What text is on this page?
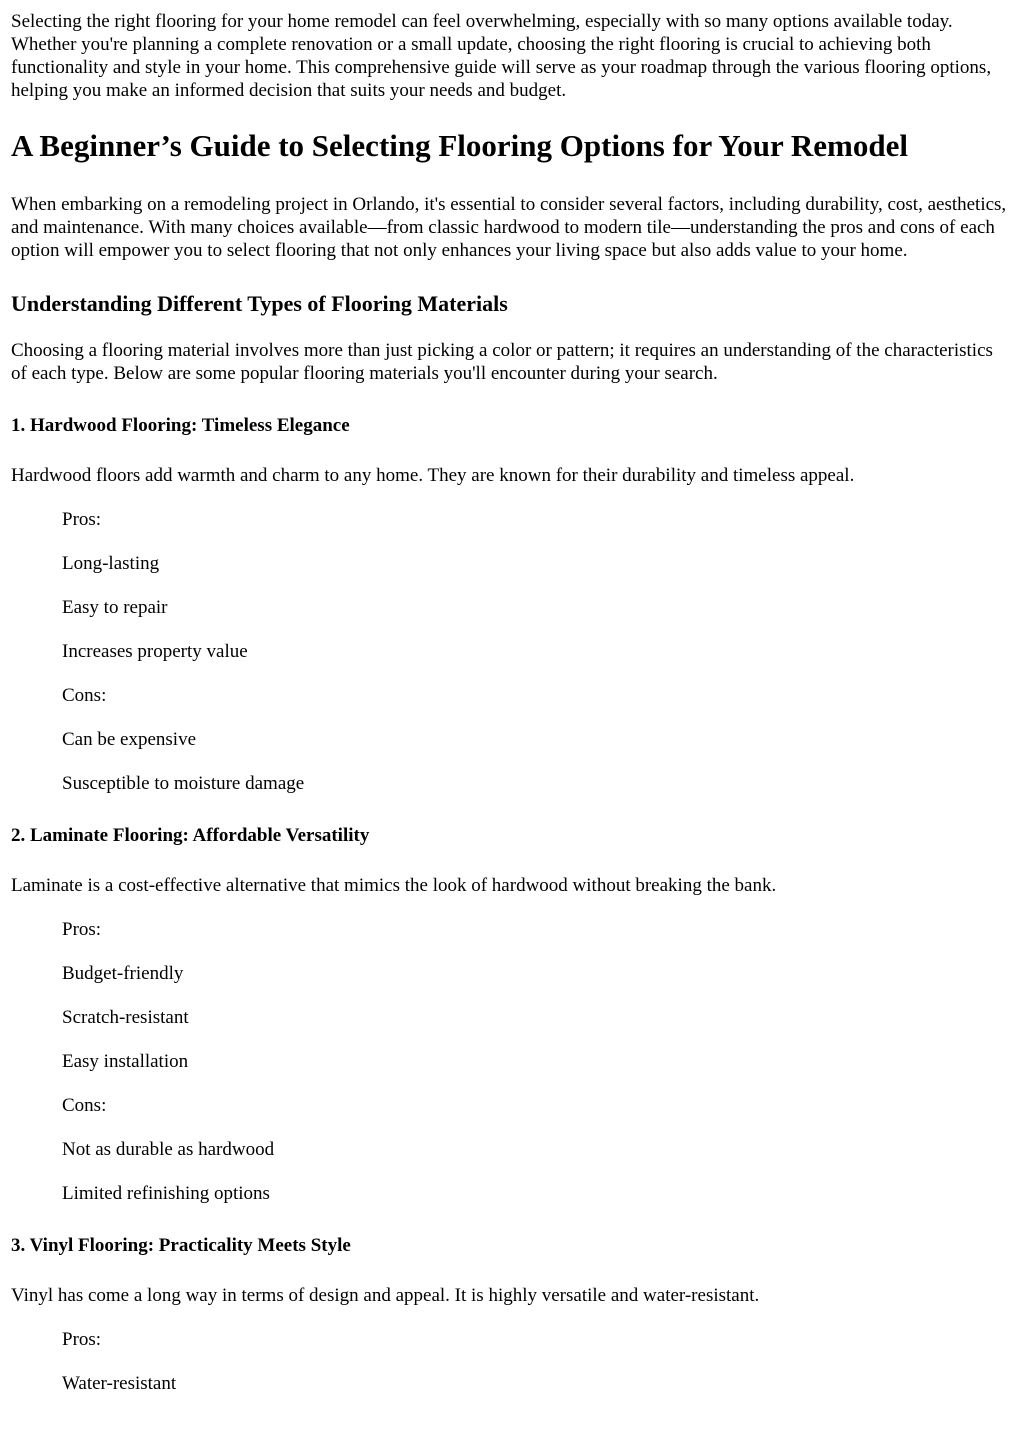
Selecting the right flooring for your home remodel can feel overwhelming, especially with so many options available today. Whether you're planning a complete renovation or a small update, choosing the right flooring is crucial to achieving both functionality and style in your home. This comprehensive guide will serve as your roadmap through the various flooring options, helping you make an informed decision that suits your needs and budget.

A Beginner’s Guide to Selecting Flooring Options for Your Remodel

When embarking on a remodeling project in Orlando, it's essential to consider several factors, including durability, cost, aesthetics, and maintenance. With many choices available—from classic hardwood to modern tile—understanding the pros and cons of each option will empower you to select flooring that not only enhances your living space but also adds value to your home.

Understanding Different Types of Flooring Materials

Choosing a flooring material involves more than just picking a color or pattern; it requires an understanding of the characteristics of each type. Below are some popular flooring materials you'll encounter during your search.

1. Hardwood Flooring: Timeless Elegance

Hardwood floors add warmth and charm to any home. They are known for their durability and timeless appeal.

Pros:
Long-lasting
Easy to repair
Increases property value
Cons:
Can be expensive
Susceptible to moisture damage
2. Laminate Flooring: Affordable Versatility

Laminate is a cost-effective alternative that mimics the look of hardwood without breaking the bank.

Pros:
Budget-friendly
Scratch-resistant
Easy installation
Cons:
Not as durable as hardwood
Limited refinishing options
3. Vinyl Flooring: Practicality Meets Style

Vinyl has come a long way in terms of design and appeal. It is highly versatile and water-resistant.

Pros:
Water-resistant
